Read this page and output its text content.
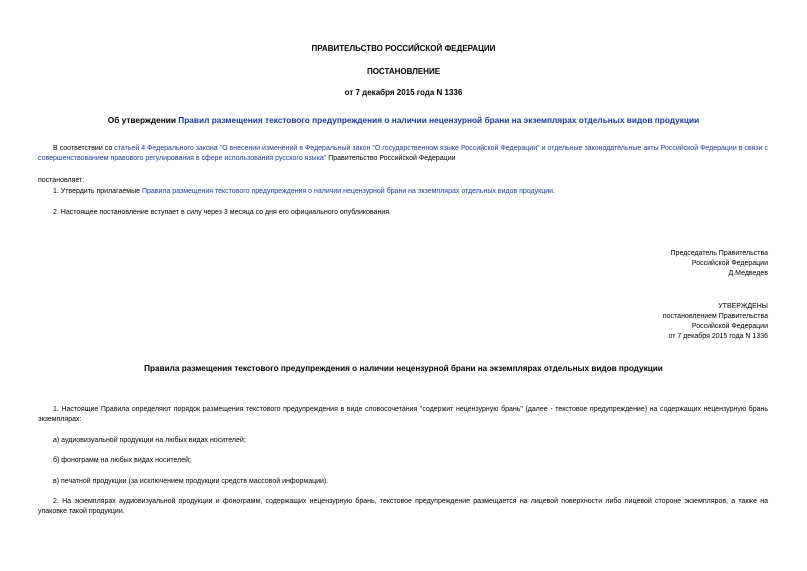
ПРАВИТЕЛЬСТВО РОССИЙСКОЙ ФЕДЕРАЦИИ
ПОСТАНОВЛЕНИЕ
от 7 декабря 2015 года N 1336
Об утверждении Правил размещения текстового предупреждения о наличии нецензурной брани на экземплярах отдельных видов продукции
В соответствии со статьей 4 Федерального закона "О внесении изменений в Федеральный закон "О государственном языке Российской Федерации" и отдельные законодательные акты Российской Федерации в связи с совершенствованием правового регулирования в сфере использования русского языка" Правительство Российской Федерации
постановляет:
1. Утвердить прилагаемые Правила размещения текстового предупреждения о наличии нецензурной брани на экземплярах отдельных видов продукции.
2. Настоящее постановление вступает в силу через 3 месяца со дня его официального опубликования.
Председатель Правительства
Российской Федерации
Д.Медведев
УТВЕРЖДЕНЫ
постановлением Правительства
Российской Федерации
от 7 декабря 2015 года N 1336
Правила размещения текстового предупреждения о наличии нецензурной брани на экземплярах отдельных видов продукции
1. Настоящие Правила определяют порядок размещения текстового предупреждения в виде словосочетания "содержит нецензурную брань" (далее - текстовое предупреждение) на содержащих нецензурную брань экземплярах:
а) аудиовизуальной продукции на любых видах носителей;
б) фонограмм на любых видах носителей;
в) печатной продукции (за исключением продукции средств массовой информации).
2. На экземплярах аудиовизуальной продукции и фонограмм, содержащих нецензурную брань, текстовое предупреждение размещается на лицевой поверхности либо лицевой стороне экземпляров, а также на упаковке такой продукции.
